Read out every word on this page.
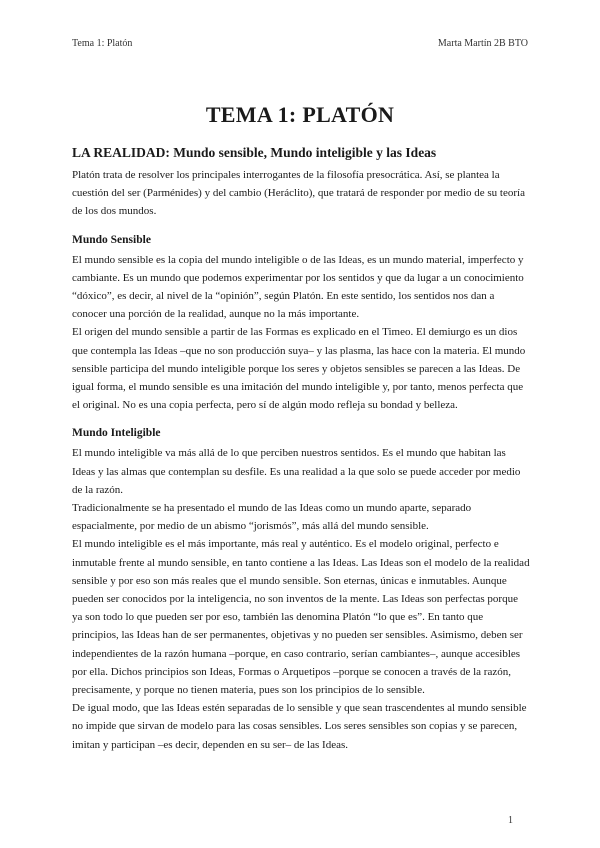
Tema 1: Platón	Marta Martín 2B BTO
TEMA 1: PLATÓN
LA REALIDAD: Mundo sensible, Mundo inteligible y las Ideas

Platón trata de resolver los principales interrogantes de la filosofía presocrática. Así, se plantea la cuestión del ser (Parménides) y del cambio (Heráclito), que tratará de responder por medio de su teoría de los dos mundos.

Mundo Sensible

El mundo sensible es la copia del mundo inteligible o de las Ideas, es un mundo material, imperfecto y cambiante. Es un mundo que podemos experimentar por los sentidos y que da lugar a un conocimiento “dóxico”, es decir, al nivel de la “opinión”, según Platón. En este sentido, los sentidos nos dan a conocer una porción de la realidad, aunque no la más importante.

El origen del mundo sensible a partir de las Formas es explicado en el Timeo. El demiurgo es un dios que contempla las Ideas –que no son producción suya– y las plasma, las hace con la materia. El mundo sensible participa del mundo inteligible porque los seres y objetos sensibles se parecen a las Ideas. De igual forma, el mundo sensible es una imitación del mundo inteligible y, por tanto, menos perfecta que el original. No es una copia perfecta, pero sí de algún modo refleja su bondad y belleza.

Mundo Inteligible

El mundo inteligible va más allá de lo que perciben nuestros sentidos. Es el mundo que habitan las Ideas y las almas que contemplan su desfile. Es una realidad a la que solo se puede acceder por medio de la razón.

Tradicionalmente se ha presentado el mundo de las Ideas como un mundo aparte, separado espacialmente, por medio de un abismo “jorismós”, más allá del mundo sensible.

El mundo inteligible es el más importante, más real y auténtico. Es el modelo original, perfecto e inmutable frente al mundo sensible, en tanto contiene a las Ideas. Las Ideas son el modelo de la realidad sensible y por eso son más reales que el mundo sensible. Son eternas, únicas e inmutables. Aunque pueden ser conocidos por la inteligencia, no son inventos de la mente. Las Ideas son perfectas porque ya son todo lo que pueden ser por eso, también las denomina Platón “lo que es”. En tanto que principios, las Ideas han de ser permanentes, objetivas y no pueden ser sensibles. Asimismo, deben ser independientes de la razón humana –porque, en caso contrario, serían cambiantes–, aunque accesibles por ella. Dichos principios son Ideas, Formas o Arquetipos –porque se conocen a través de la razón, precisamente, y porque no tienen materia, pues son los principios de lo sensible.

De igual modo, que las Ideas estén separadas de lo sensible y que sean trascendentes al mundo sensible no impide que sirvan de modelo para las cosas sensibles. Los seres sensibles son copias y se parecen, imitan y participan –es decir, dependen en su ser– de las Ideas.

1
